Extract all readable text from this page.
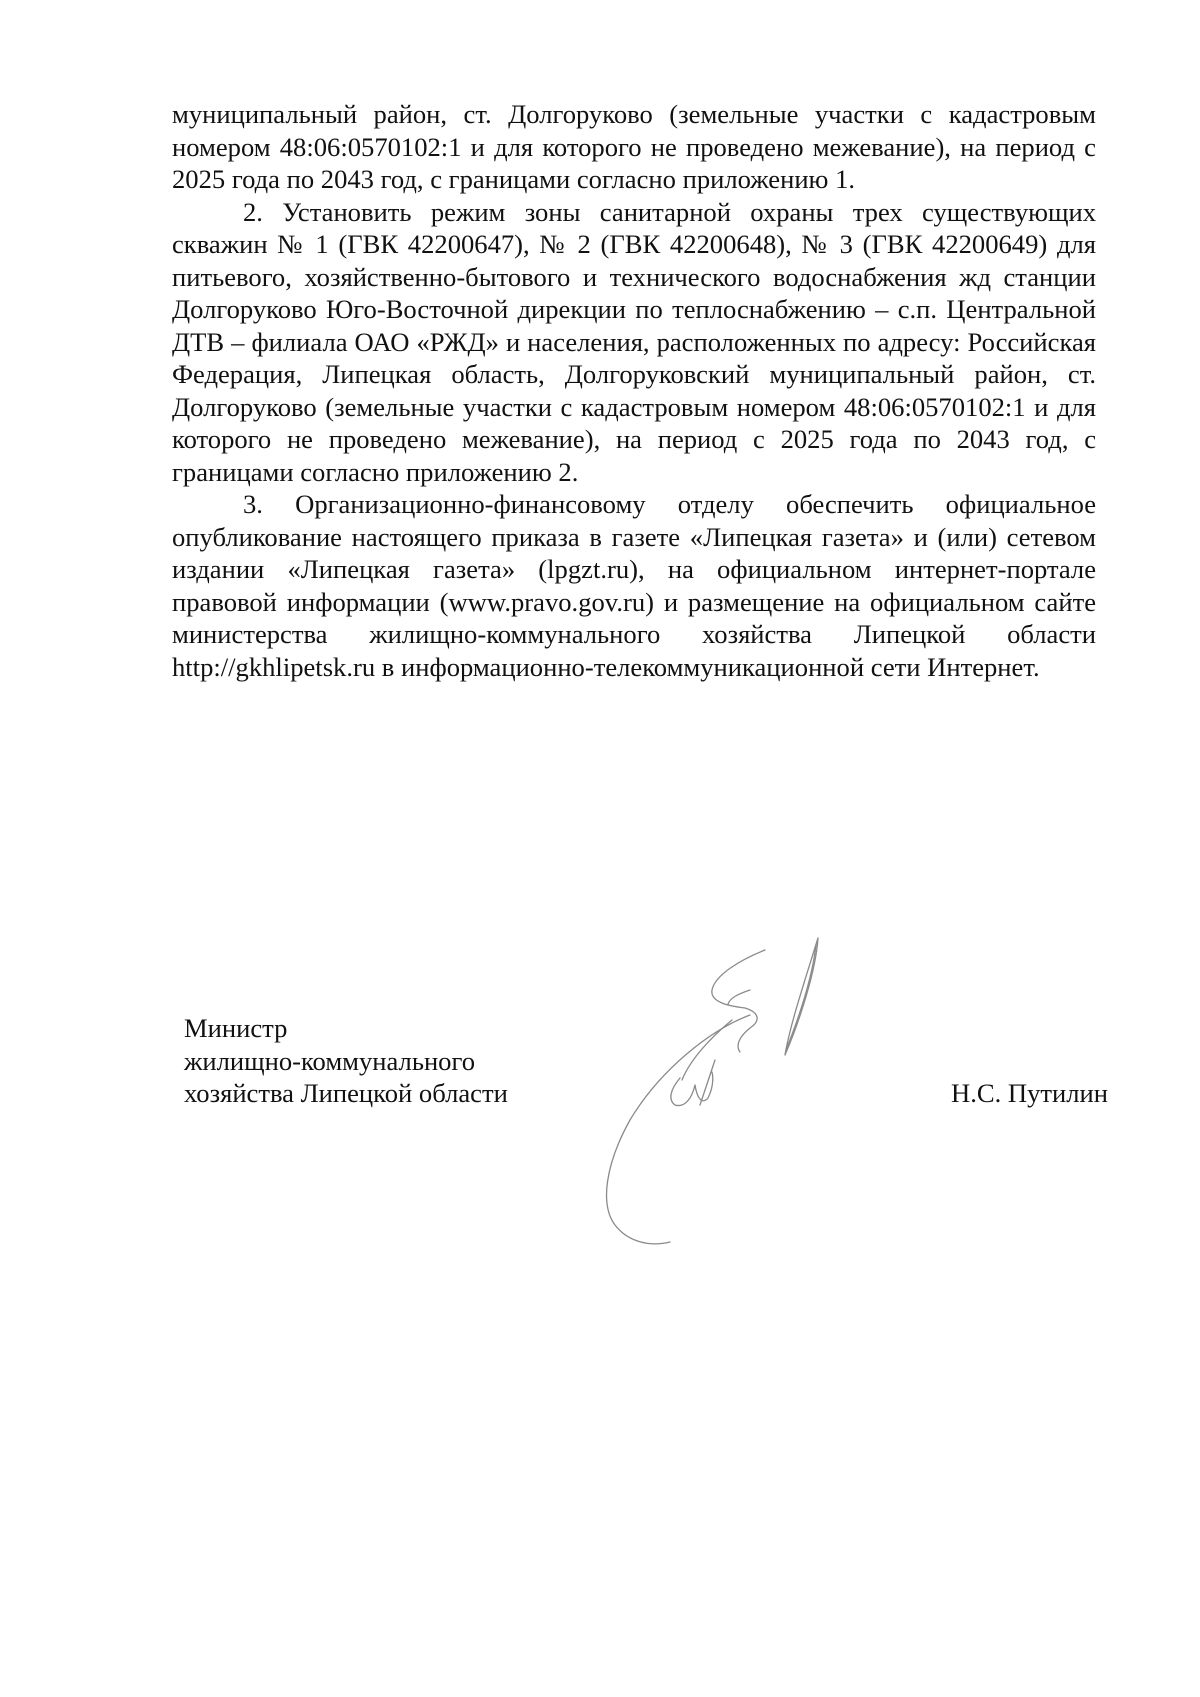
муниципальный район, ст. Долгоруково (земельные участки с кадастровым номером 48:06:0570102:1 и для которого не проведено межевание), на период с 2025 года по 2043 год, с границами согласно приложению 1.

2. Установить режим зоны санитарной охраны трех существующих скважин № 1 (ГВК 42200647), № 2 (ГВК 42200648), № 3 (ГВК 42200649) для питьевого, хозяйственно-бытового и технического водоснабжения жд станции Долгоруково Юго-Восточной дирекции по теплоснабжению – с.п. Центральной ДТВ – филиала ОАО «РЖД» и населения, расположенных по адресу: Российская Федерация, Липецкая область, Долгоруковский муниципальный район, ст. Долгоруково (земельные участки с кадастровым номером 48:06:0570102:1 и для которого не проведено межевание), на период с 2025 года по 2043 год, с границами согласно приложению 2.

3. Организационно-финансовому отделу обеспечить официальное опубликование настоящего приказа в газете «Липецкая газета» и (или) сетевом издании «Липецкая газета» (lpgzt.ru), на официальном интернет-портале правовой информации (www.pravo.gov.ru) и размещение на официальном сайте министерства жилищно-коммунального хозяйства Липецкой области http://gkhlipetsk.ru в информационно-телекоммуникационной сети Интернет.

Министр
жилищно-коммунального
хозяйства Липецкой области	Н.С. Путилин
